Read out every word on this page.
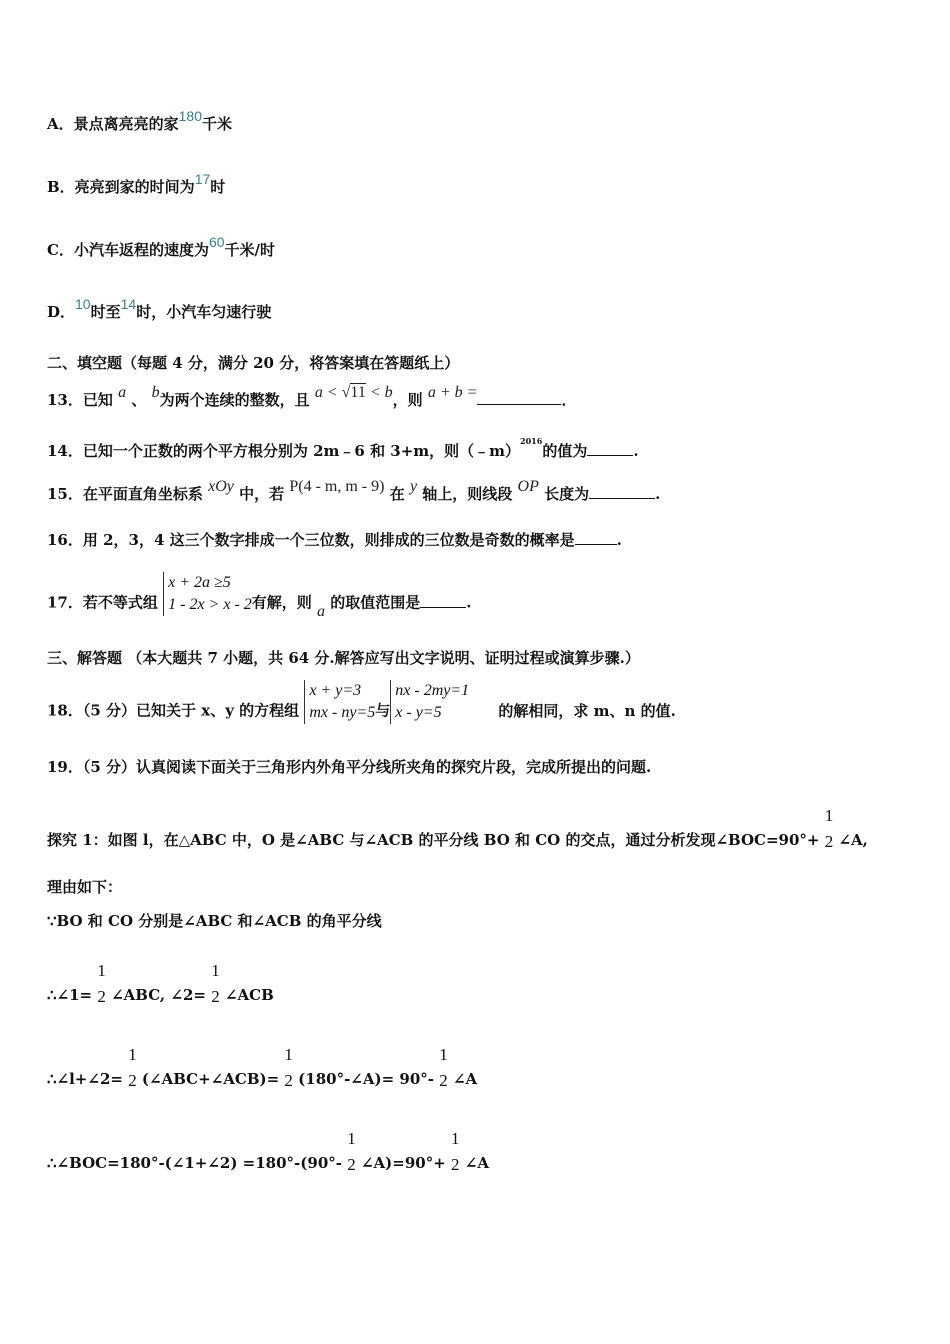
A．景点离亮亮的家180千米
B．亮亮到家的时间为17时
C．小汽车返程的速度为60千米/时
D．10时至14时，小汽车匀速行驶
二、填空题（每题 4 分，满分 20 分，将答案填在答题纸上）
13．已知 a 、 b为两个连续的整数，且 a < √11 < b，则 a + b =	．
14．已知一个正数的两个平方根分别为 2m﹣6 和 3+m，则（﹣m）$^{2016}$的值为	.
15．在平面直角坐标系 xOy 中，若 P(4 - m, m - 9) 在 y 轴上，则线段 OP 长度为	.
16．用 2，3，4 这三个数字排成一个三位数，则排成的三位数是奇数的概率是	.
17．若不等式组
x + 2a ≥5
1 - 2x > x - 2 有解，则 a 的取值范围是	.
三、解答题 （本大题共 7 小题，共 64 分.解答应写出文字说明、证明过程或演算步骤.）
18．（5 分）已知关于 x、y 的方程组
x + y=3
mx - ny=5 与
nx - 2my=1
x - y=5	的解相同，求 m、n 的值.
19．（5 分）认真阅读下面关于三角形内外角平分线所夹角的探究片段，完成所提出的问题.
探究 1：如图 l，在△ABC 中，O 是∠ABC 与∠ACB 的平分线 BO 和 CO 的交点，通过分析发现∠BOC=90°+
1
2 ∠A,
理由如下：
∵BO 和 CO 分别是∠ABC 和∠ACB 的角平分线
∴∠1=
1
2 ∠ABC, ∠2=
1
2 ∠ACB
∴∠l+∠2=
1
2 (∠ABC+∠ACB)=
1
2 (180°-∠A)= 90°-
1
2 ∠A
∴∠BOC=180°-(∠1+∠2) =180°-(90°-
1
2 ∠A)=90°+
1
2 ∠A
